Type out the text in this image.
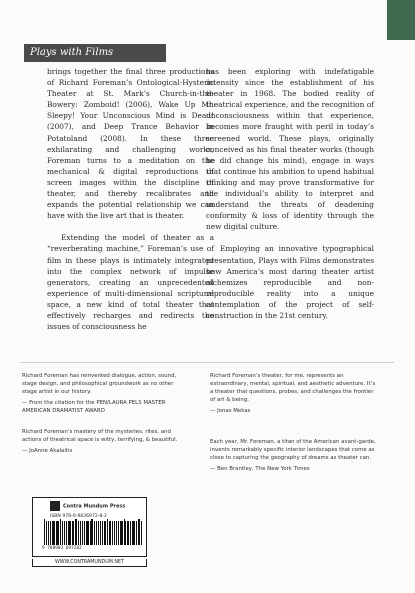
Plays with Films

brings together the final three productions of Richard Foreman’s Ontological-Hysteric Theater at St. Mark’s Church-in-the-Bowery: Zomboid! (2006), Wake Up Mr. Sleepy! Your Unconscious Mind is Dead! (2007), and Deep Trance Behavior in Potatoland (2008). In these three exhilarating and challenging works, Foreman turns to a meditation on the mechanical & digital reproductions of screen images within the discipline of theater, and thereby recalibrates and expands the potential relationship we can have with the live art that is theater.

Extending the model of theater as a “reverberating machine,” Foreman’s use of film in these plays is intimately integrated into the complex network of impulse generators, creating an unprecedented experience of multi-dimensional scriptural space, a new kind of total theater that effectively recharges and redirects the issues of consciousness he

has been exploring with indefatigable intensity since the establishment of his theater in 1968. The bodied reality of theatrical experience, and the recognition of unconsciousness within that experience, becomes more fraught with peril in today’s screened world. These plays, originally conceived as his final theater works (though he did change his mind), engage in ways that continue his ambition to upend habitual thinking and may prove transformative for the individual’s ability to interpret and understand the threats of deadening conformity & loss of identity through the new digital culture.

Employing an innovative typographical presentation, Plays with Films demonstrates how America’s most daring theater artist alchemizes reproducible and non-reproducible reality into a unique contemplation of the project of self-construction in the 21st century.

Richard Foreman has reinvented dialogue, action, sound, stage design, and philosophical groundwork as no other stage artist in our history.

— From the citation for the PEN/LAURA PELS MASTER AMERICAN DRAMATIST AWARD

Richard Foreman’s mastery of the mysteries, rites, and actions of theatrical space is witty, terrifying, & beautiful.

— JoAnne Akalaitis

Richard Foreman’s theater, for me, represents an extraordinary, mental, spiritual, and aesthetic adventure. It’s a theater that questions, probes, and challenges the frontier of art & being.

— Jonas Mekas

Each year, Mr. Foreman, a titan of the American avant-garde, invents remarkably specific interior landscapes that come as close to capturing the geography of dreams as theater can.

— Ben Brantley, The New York Times

Contra Mundum Press
ISBN 978-0-9836972-8-2
9 780983 697282
WWW.CONTRAMUNDUM.NET
